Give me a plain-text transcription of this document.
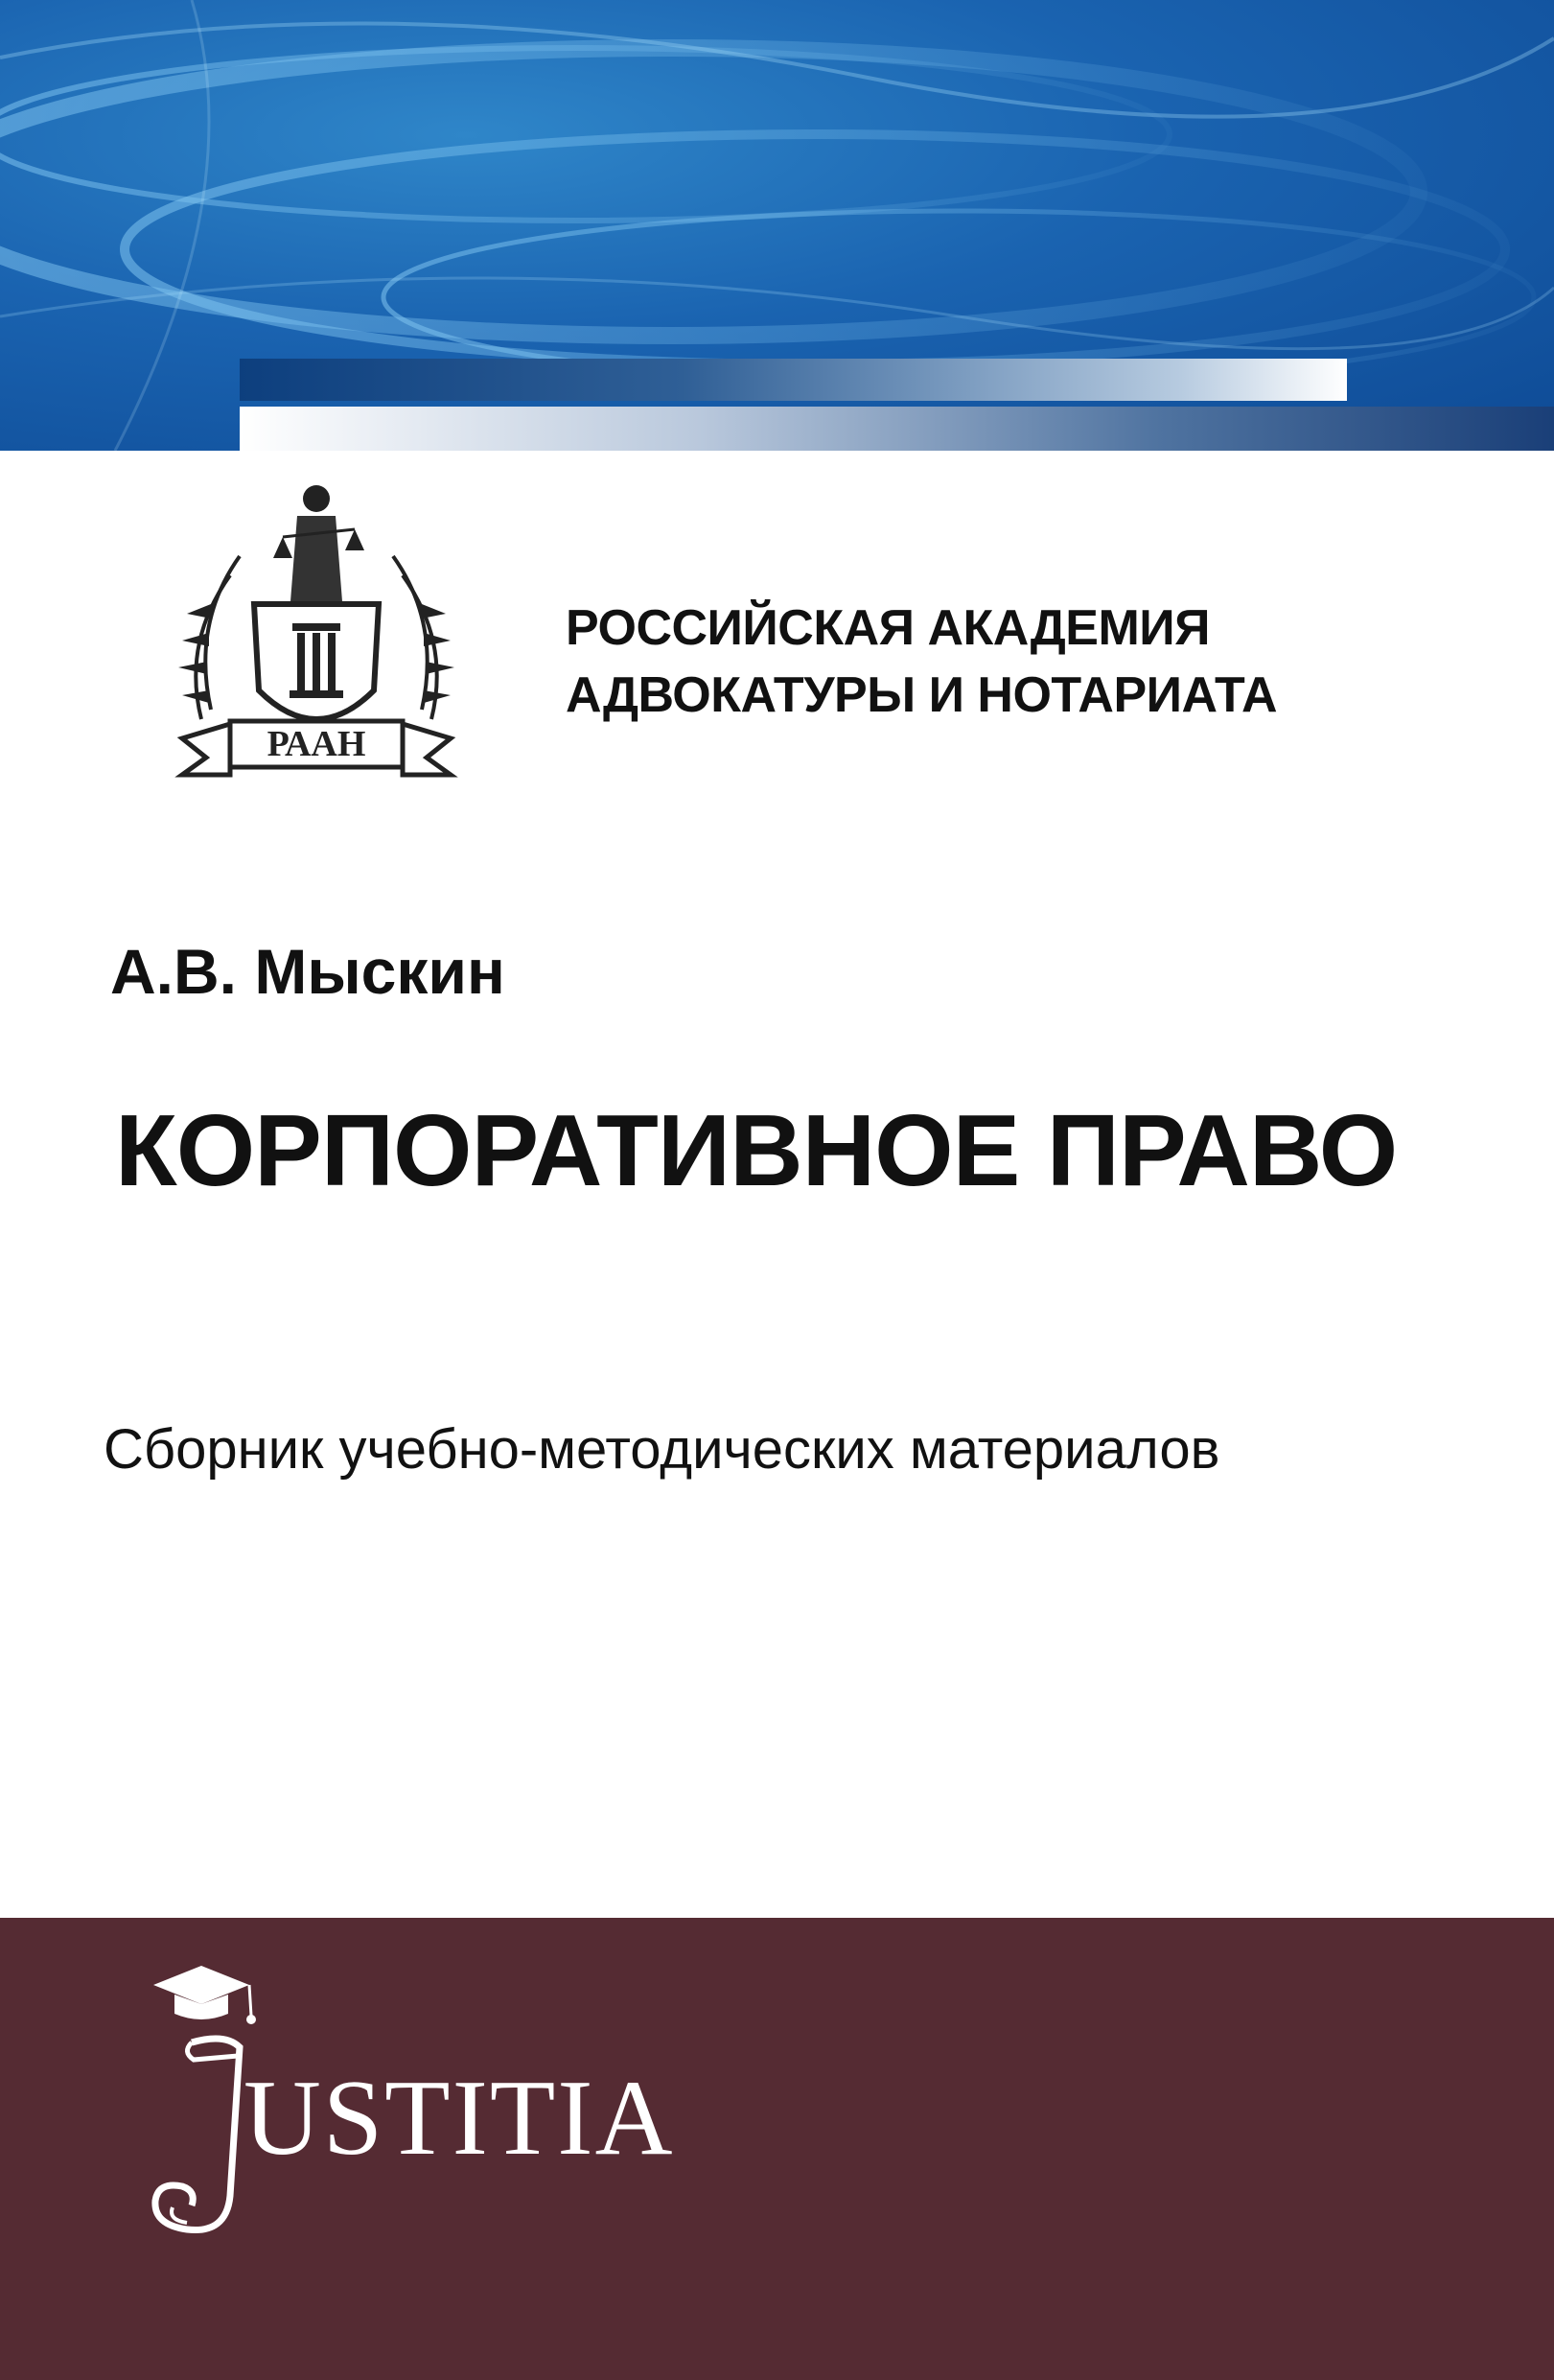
РААН
РОССИЙСКАЯ АКАДЕМИЯ
АДВОКАТУРЫ И НОТАРИАТА
А.В. Мыскин
КОРПОРАТИВНОЕ ПРАВО
Сборник учебно-методических материалов
USTITIA
